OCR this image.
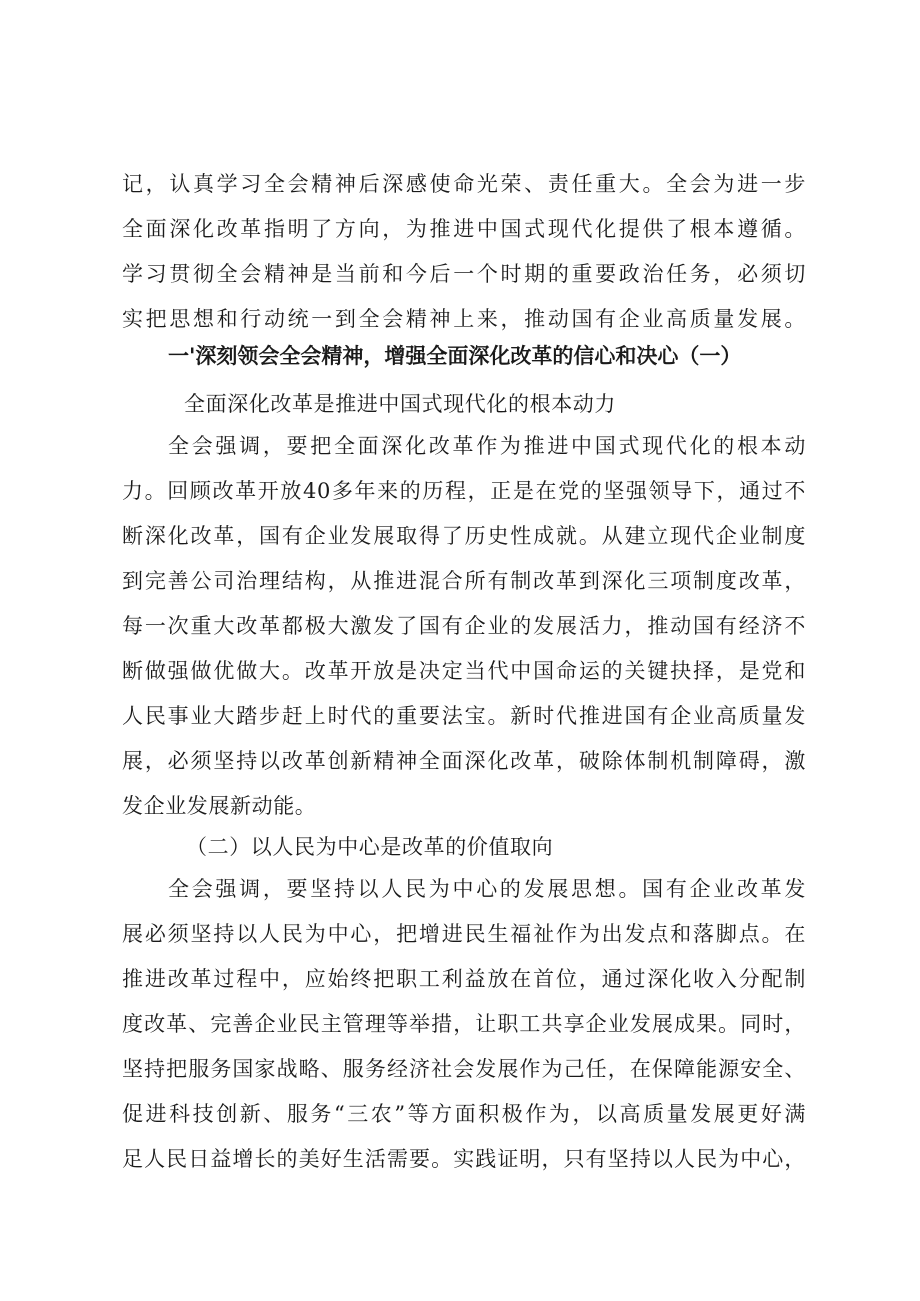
记，认真学习全会精神后深感使命光荣、责任重大。全会为进一步
全面深化改革指明了方向，为推进中国式现代化提供了根本遵循。
学习贯彻全会精神是当前和今后一个时期的重要政治任务，必须切
实把思想和行动统一到全会精神上来，推动国有企业高质量发展。
一'深刻领会全会精神，增强全面深化改革的信心和决心（一）
全面深化改革是推进中国式现代化的根本动力
全会强调，要把全面深化改革作为推进中国式现代化的根本动
力。回顾改革开放40多年来的历程，正是在党的坚强领导下，通过不
断深化改革，国有企业发展取得了历史性成就。从建立现代企业制度
到完善公司治理结构，从推进混合所有制改革到深化三项制度改革，
每一次重大改革都极大激发了国有企业的发展活力，推动国有经济不
断做强做优做大。改革开放是决定当代中国命运的关键抉择，是党和
人民事业大踏步赶上时代的重要法宝。新时代推进国有企业高质量发
展，必须坚持以改革创新精神全面深化改革，破除体制机制障碍，激
发企业发展新动能。
（二）以人民为中心是改革的价值取向
全会强调，要坚持以人民为中心的发展思想。国有企业改革发
展必须坚持以人民为中心，把增进民生福祉作为出发点和落脚点。在
推进改革过程中，应始终把职工利益放在首位，通过深化收入分配制
度改革、完善企业民主管理等举措，让职工共享企业发展成果。同时，
坚持把服务国家战略、服务经济社会发展作为己任，在保障能源安全、
促进科技创新、服务“三农”等方面积极作为，以高质量发展更好满
足人民日益增长的美好生活需要。实践证明，只有坚持以人民为中心，
